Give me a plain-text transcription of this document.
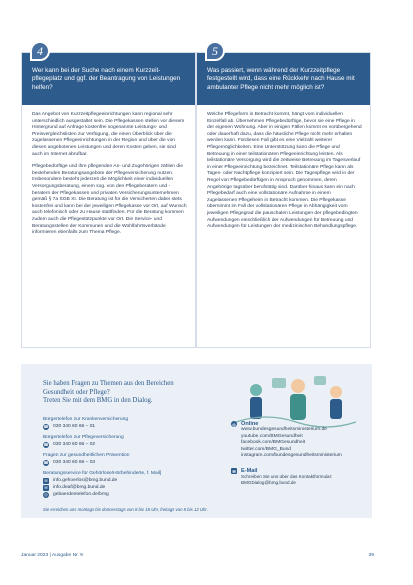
4
Wer kann bei der Suche nach einem Kurzzeit-pflegeplatz und ggf. der Beantragung von Leistungen helfen?

Das Angebot von Kurzzeitpflegeeinrichtungen kann regional sehr unterschiedlich ausgestaltet sein. Die Pflegekassen stellen vor diesem Hintergrund auf Anfrage kostenfrei sogenannte Leistungs- und Preisvergleichslisten zur Verfügung, die einen Überblick über die zugelassenen Pflegeeinrichtungen in der Region und über die von diesen angebotenen Leistungen und deren Kosten geben, sie sind auch im Internet abrufbar.

Pflegebedürftige und ihre pflegenden An- und Zugehörigen zählen die bestehenden Beratungsangebote der Pflegeversicherung nutzen. Insbesondere besteht jederzeit die Möglichkeit einer individuellen Versorgungsberatung, einem sog. von den Pflegeberatern und -beratern der Pflegekassen und privaten Versicherungsunternehmen gemäß § 7a SGB XI. Die Beratung ist für die Versicherten dabei stets kostenfrei und kann bei der jeweiligen Pflegekasse vor Ort, auf Wunsch auch telefonisch oder zu Hause stattfinden. Für die Beratung kommen zudem auch die Pflegestützpunkte vor Ort. Die Service- und Beratungsstellen der Kommunen und die Wohlfahrtsverbände informieren ebenfalls zum Thema Pflege.

5
Was passiert, wenn während der Kurzzeitpflege festgestellt wird, dass eine Rückkehr nach Hause mit ambulanter Pflege nicht mehr möglich ist?

Welche Pflegeform in Betracht kommt, hängt vom individuellen Einzelfall ab. Übernehmen Pflegebedürftige, bevor sie eine Pflege in der eigenen Wohnung. Aber in einigen Fällen kommt es vorübergehend oder dauerhaft dazu, dass die häusliche Pflege nicht mehr erhalten werden kann. Fürdiesen Fall gibt es eine Vielzahl weiterer Pflegemöglichkeiten. Eine Unterstützung kann die Pflege und Betreuung in einer teilstationären Pflegeeinrichtung leisten. Als teilstationäre Versorgung wird die zeitweise Betreuung im Tagesverlauf in einer Pflegeeinrichtung bezeichnet. Teilstationäre Pflege kann als Tages- oder Nachtpflege konzipiert sein. Die Tagespflege wird in der Regel von Pflegebedürftigen in Anspruch genommen, deren Angehörige tagsüber berufstätig sind. Darüber hinaus kann ein nach Pflegebedarf auch eine vollstationäre Aufnahme in einem zugelassenen Pflegeheim in Betracht kommen. Die Pflegekasse übernimmt im Fall der vollstationären Pflege in Abhängigkeit vom jeweiligen Pflegegrad die pauschalen Leistungen der pflegebedingten Aufwendungen einschließlich der Aufwendungen für Betreuung und Aufwendungen für Leistungen der medizinischen Behandlungspflege.

Sie haben Fragen zu Themen aus den Bereichen
Gesundheit oder Pflege?
Treten Sie mit dem BMG in den Dialog.
Bürgertelefon zur Krankenversicherung
☎ 030 340 60 66 – 01
Bürgertelefon zur Pflegeversicherung
☎ 030 340 60 66 – 02
Fragen zur gesundheitlichen Prävention
☎ 030 340 60 66 – 03
Beratungsservice für Gehörlose/Hörbehinderte, f. Mail]
✉ info.gehoerlos@bmg.bund.de
✉ info.deaf@bmg.bund.de
◎ gebaerdentelefon.de/bmg
◎ Online
www.bundesgesundheitsministerium.de
youtube.com/BMGesundheit
facebook.com/BMGesundheit
twitter.com/BMG_Bund
instagram.com/bundesgesundheitsministerium
✉ E-Mail
Schreiben Sie uns über das Kontaktformular:
BMGDialog@bmg.bund.de
Sie erreichen uns montags bis donnerstags von 8 bis 18 Uhr, freitags von 8 bis 12 Uhr.
Januar 2023 | Ausgabe Nr. 9	39
